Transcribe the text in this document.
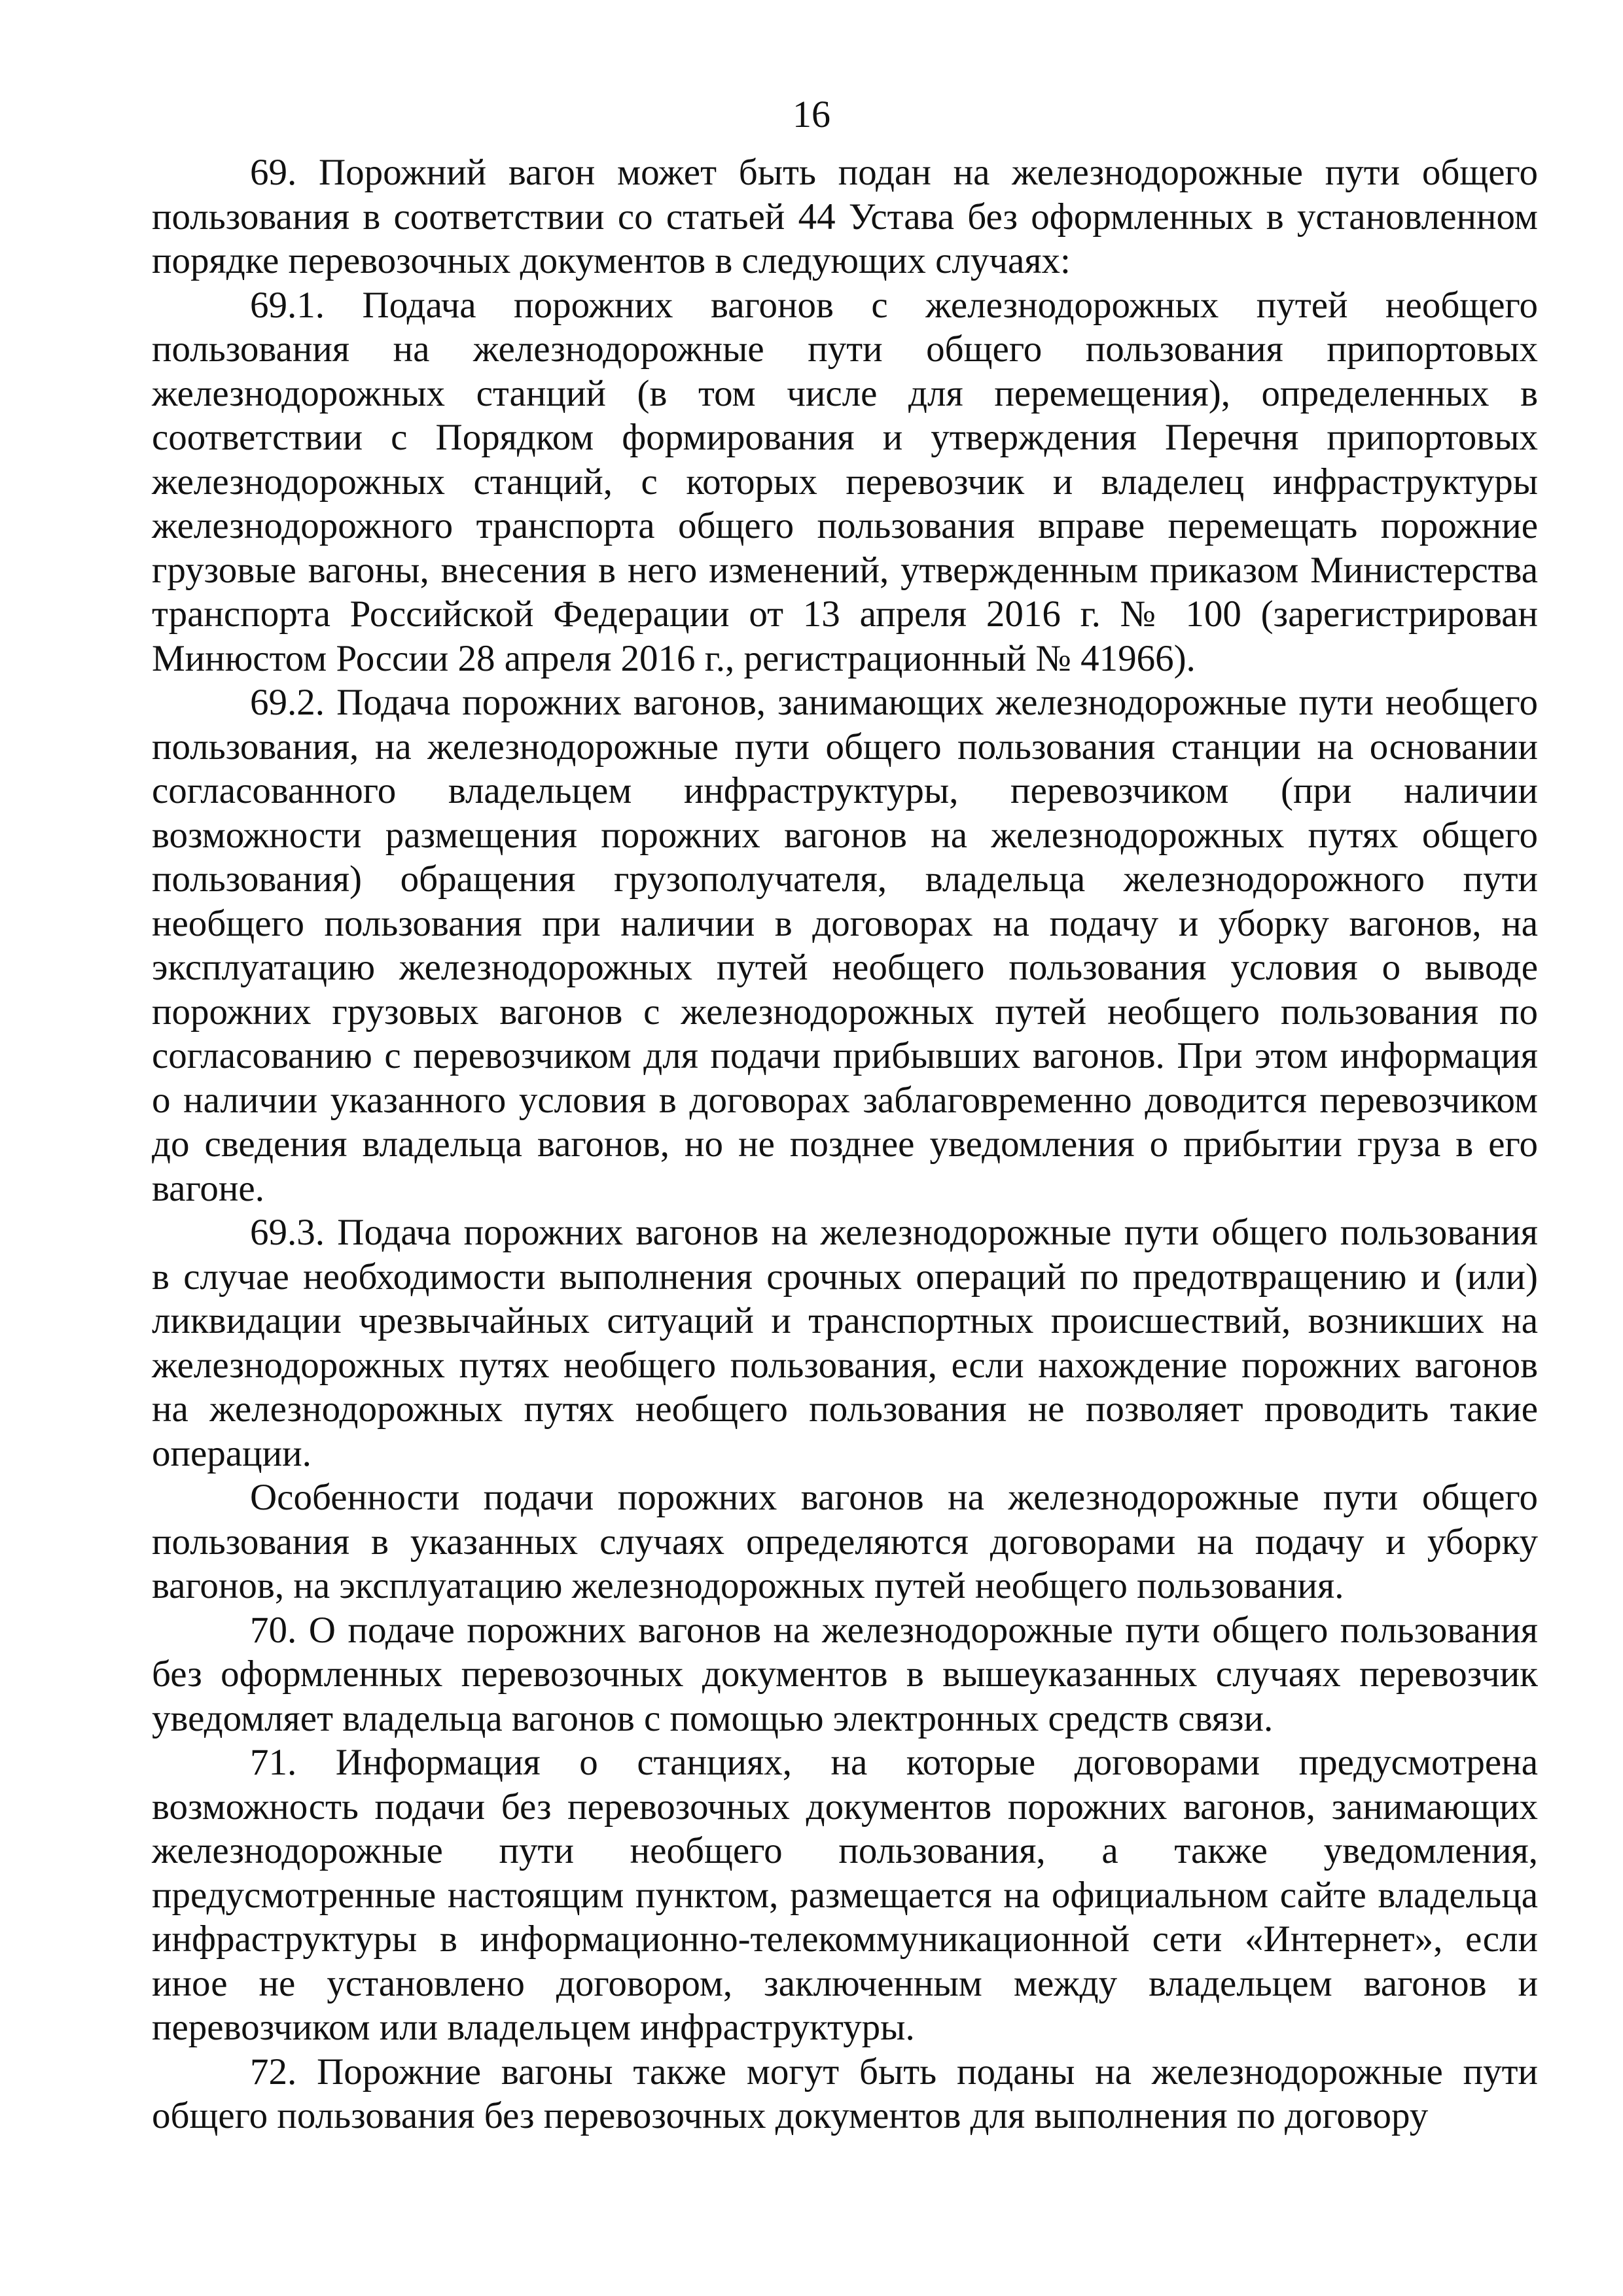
16

69. Порожний вагон может быть подан на железнодорожные пути общего пользования в соответствии со статьей 44 Устава без оформленных в установленном порядке перевозочных документов в следующих случаях:

69.1. Подача порожних вагонов с железнодорожных путей необщего пользования на железнодорожные пути общего пользования припортовых железнодорожных станций (в том числе для перемещения), определенных в соответствии с Порядком формирования и утверждения Перечня припортовых железнодорожных станций, с которых перевозчик и владелец инфраструктуры железнодорожного транспорта общего пользования вправе перемещать порожние грузовые вагоны, внесения в него изменений, утвержденным приказом Министерства транспорта Российской Федерации от 13 апреля 2016 г. № 100 (зарегистрирован Минюстом России 28 апреля 2016 г., регистрационный № 41966).

69.2. Подача порожних вагонов, занимающих железнодорожные пути необщего пользования, на железнодорожные пути общего пользования станции на основании согласованного владельцем инфраструктуры, перевозчиком (при наличии возможности размещения порожних вагонов на железнодорожных путях общего пользования) обращения грузополучателя, владельца железнодорожного пути необщего пользования при наличии в договорах на подачу и уборку вагонов, на эксплуатацию железнодорожных путей необщего пользования условия о выводе порожних грузовых вагонов с железнодорожных путей необщего пользования по согласованию с перевозчиком для подачи прибывших вагонов. При этом информация о наличии указанного условия в договорах заблаговременно доводится перевозчиком до сведения владельца вагонов, но не позднее уведомления о прибытии груза в его вагоне.

69.3. Подача порожних вагонов на железнодорожные пути общего пользования в случае необходимости выполнения срочных операций по предотвращению и (или) ликвидации чрезвычайных ситуаций и транспортных происшествий, возникших на железнодорожных путях необщего пользования, если нахождение порожних вагонов на железнодорожных путях необщего пользования не позволяет проводить такие операции.

Особенности подачи порожних вагонов на железнодорожные пути общего пользования в указанных случаях определяются договорами на подачу и уборку вагонов, на эксплуатацию железнодорожных путей необщего пользования.

70. О подаче порожних вагонов на железнодорожные пути общего пользования без оформленных перевозочных документов в вышеуказанных случаях перевозчик уведомляет владельца вагонов с помощью электронных средств связи.

71. Информация о станциях, на которые договорами предусмотрена возможность подачи без перевозочных документов порожних вагонов, занимающих железнодорожные пути необщего пользования, а также уведомления, предусмотренные настоящим пунктом, размещается на официальном сайте владельца инфраструктуры в информационно-телекоммуникационной сети «Интернет», если иное не установлено договором, заключенным между владельцем вагонов и перевозчиком или владельцем инфраструктуры.

72. Порожние вагоны также могут быть поданы на железнодорожные пути общего пользования без перевозочных документов для выполнения по договору
